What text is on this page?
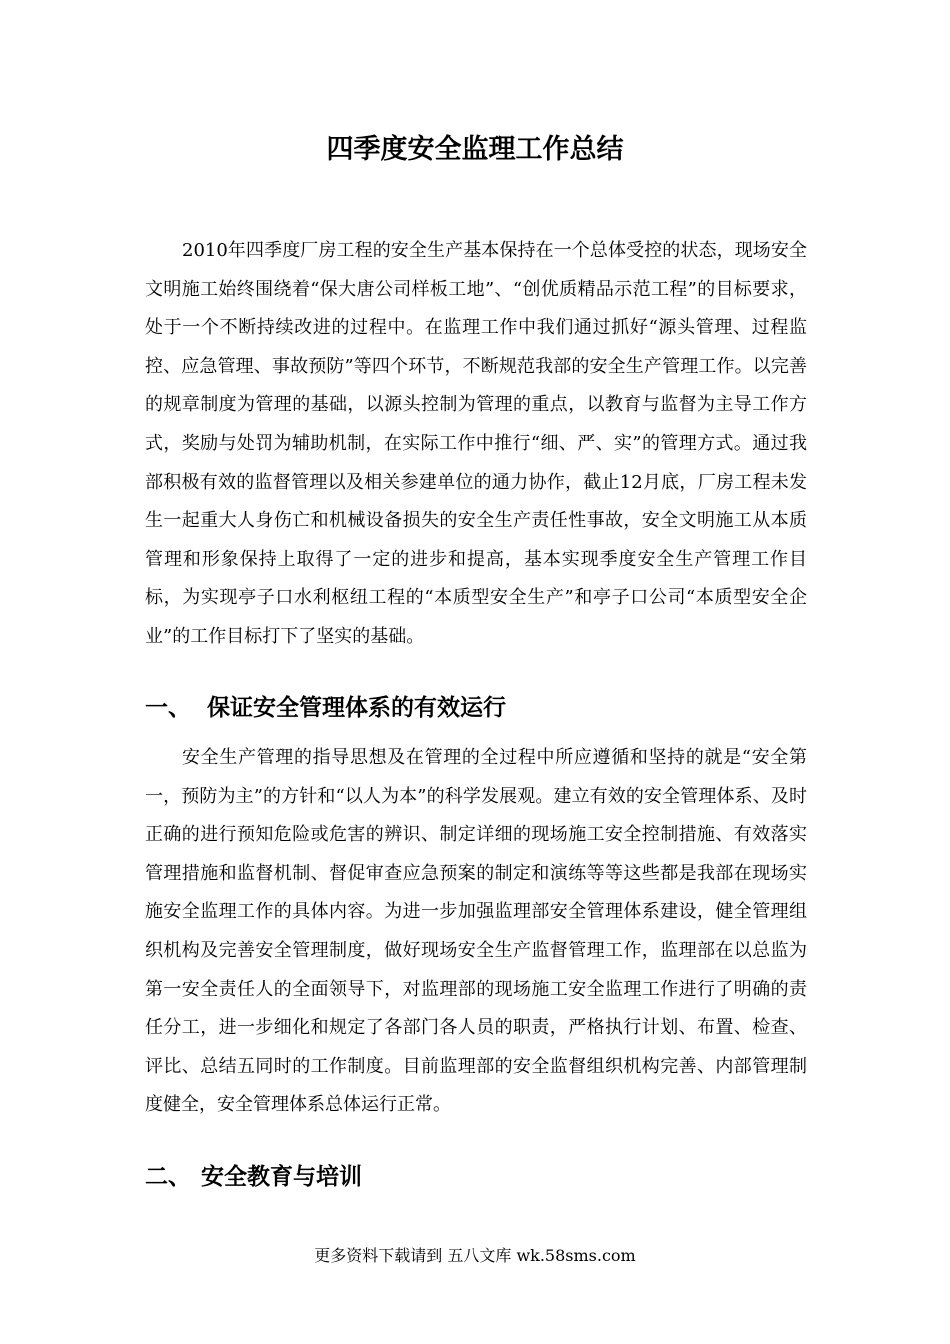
四季度安全监理工作总结

2010年四季度厂房工程的安全生产基本保持在一个总体受控的状态，现场安全文明施工始终围绕着“保大唐公司样板工地”、“创优质精品示范工程”的目标要求，处于一个不断持续改进的过程中。在监理工作中我们通过抓好“源头管理、过程监控、应急管理、事故预防”等四个环节，不断规范我部的安全生产管理工作。以完善的规章制度为管理的基础，以源头控制为管理的重点，以教育与监督为主导工作方式，奖励与处罚为辅助机制，在实际工作中推行“细、严、实”的管理方式。通过我部积极有效的监督管理以及相关参建单位的通力协作，截止12月底，厂房工程未发生一起重大人身伤亡和机械设备损失的安全生产责任性事故，安全文明施工从本质管理和形象保持上取得了一定的进步和提高，基本实现季度安全生产管理工作目标，为实现亭子口水利枢纽工程的“本质型安全生产”和亭子口公司“本质型安全企业”的工作目标打下了坚实的基础。

一、 保证安全管理体系的有效运行

安全生产管理的指导思想及在管理的全过程中所应遵循和坚持的就是“安全第一，预防为主”的方针和“以人为本”的科学发展观。建立有效的安全管理体系、及时正确的进行预知危险或危害的辨识、制定详细的现场施工安全控制措施、有效落实管理措施和监督机制、督促审查应急预案的制定和演练等等这些都是我部在现场实施安全监理工作的具体内容。为进一步加强监理部安全管理体系建设，健全管理组织机构及完善安全管理制度，做好现场安全生产监督管理工作，监理部在以总监为第一安全责任人的全面领导下，对监理部的现场施工安全监理工作进行了明确的责任分工，进一步细化和规定了各部门各人员的职责，严格执行计划、布置、检查、评比、总结五同时的工作制度。目前监理部的安全监督组织机构完善、内部管理制度健全，安全管理体系总体运行正常。

二、 安全教育与培训

更多资料下载请到 五八文库 wk.58sms.com
